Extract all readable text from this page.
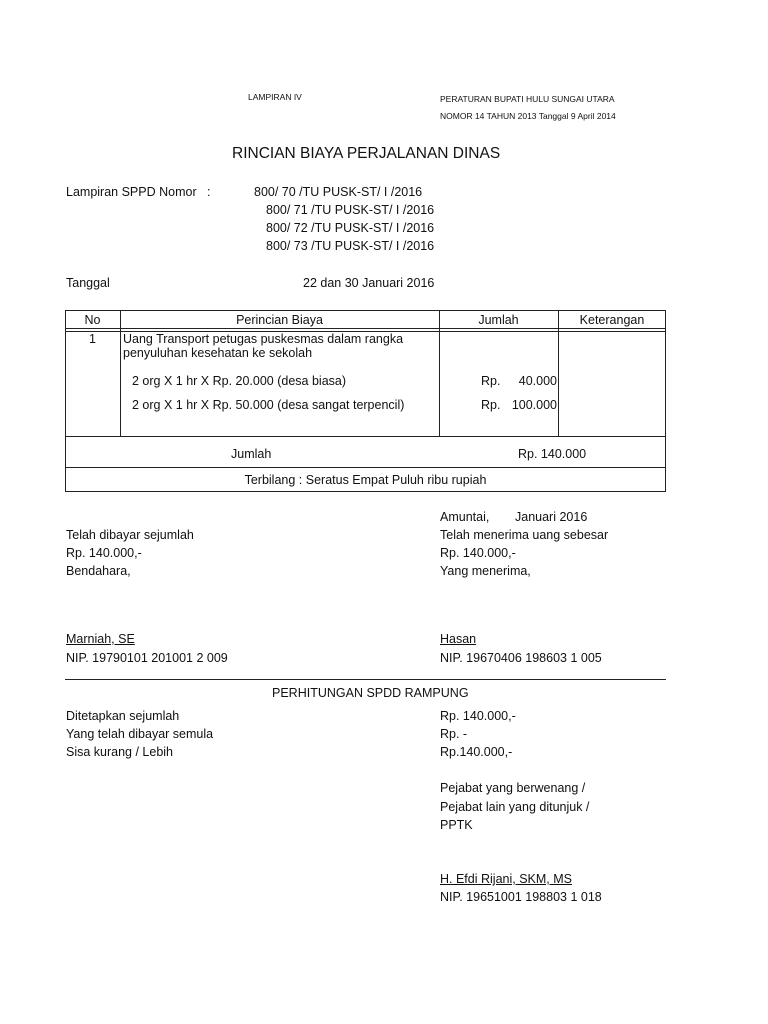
LAMPIRAN IV	PERATURAN BUPATI HULU SUNGAI UTARA
NOMOR 14 TAHUN 2013 Tanggal 9 April 2014
RINCIAN BIAYA PERJALANAN DINAS
Lampiran SPPD Nomor :	800/ 70 /TU PUSK-ST/ I /2016
800/ 71 /TU PUSK-ST/ I /2016
800/ 72 /TU PUSK-ST/ I /2016
800/ 73 /TU PUSK-ST/ I /2016
Tanggal	22 dan 30 Januari 2016
No	Perincian Biaya	Jumlah	Keterangan
1	Uang Transport petugas puskesmas dalam rangka
penyuluhan kesehatan ke sekolah
2 org X 1 hr X Rp. 20.000 (desa biasa)	Rp.	40.000
2 org X 1 hr X Rp. 50.000 (desa sangat terpencil)	Rp. 100.000
Jumlah	Rp. 140.000
Terbilang : Seratus Empat Puluh ribu rupiah
Amuntai, Januari 2016
Telah dibayar sejumlah
Rp. 140.000,-
Bendahara,
Marniah, SE
NIP. 19790101 201001 2 009
Telah menerima uang sebesar
Rp. 140.000,-
Yang menerima,
Hasan
NIP. 19670406 198603 1 005
PERHITUNGAN SPDD RAMPUNG
Ditetapkan sejumlah	Rp. 140.000,-
Yang telah dibayar semula	Rp. -
Sisa kurang / Lebih	Rp.140.000,-
Pejabat yang berwenang /
Pejabat lain yang ditunjuk /
PPTK
H. Efdi Rijani, SKM, MS
NIP. 19651001 198803 1 018
